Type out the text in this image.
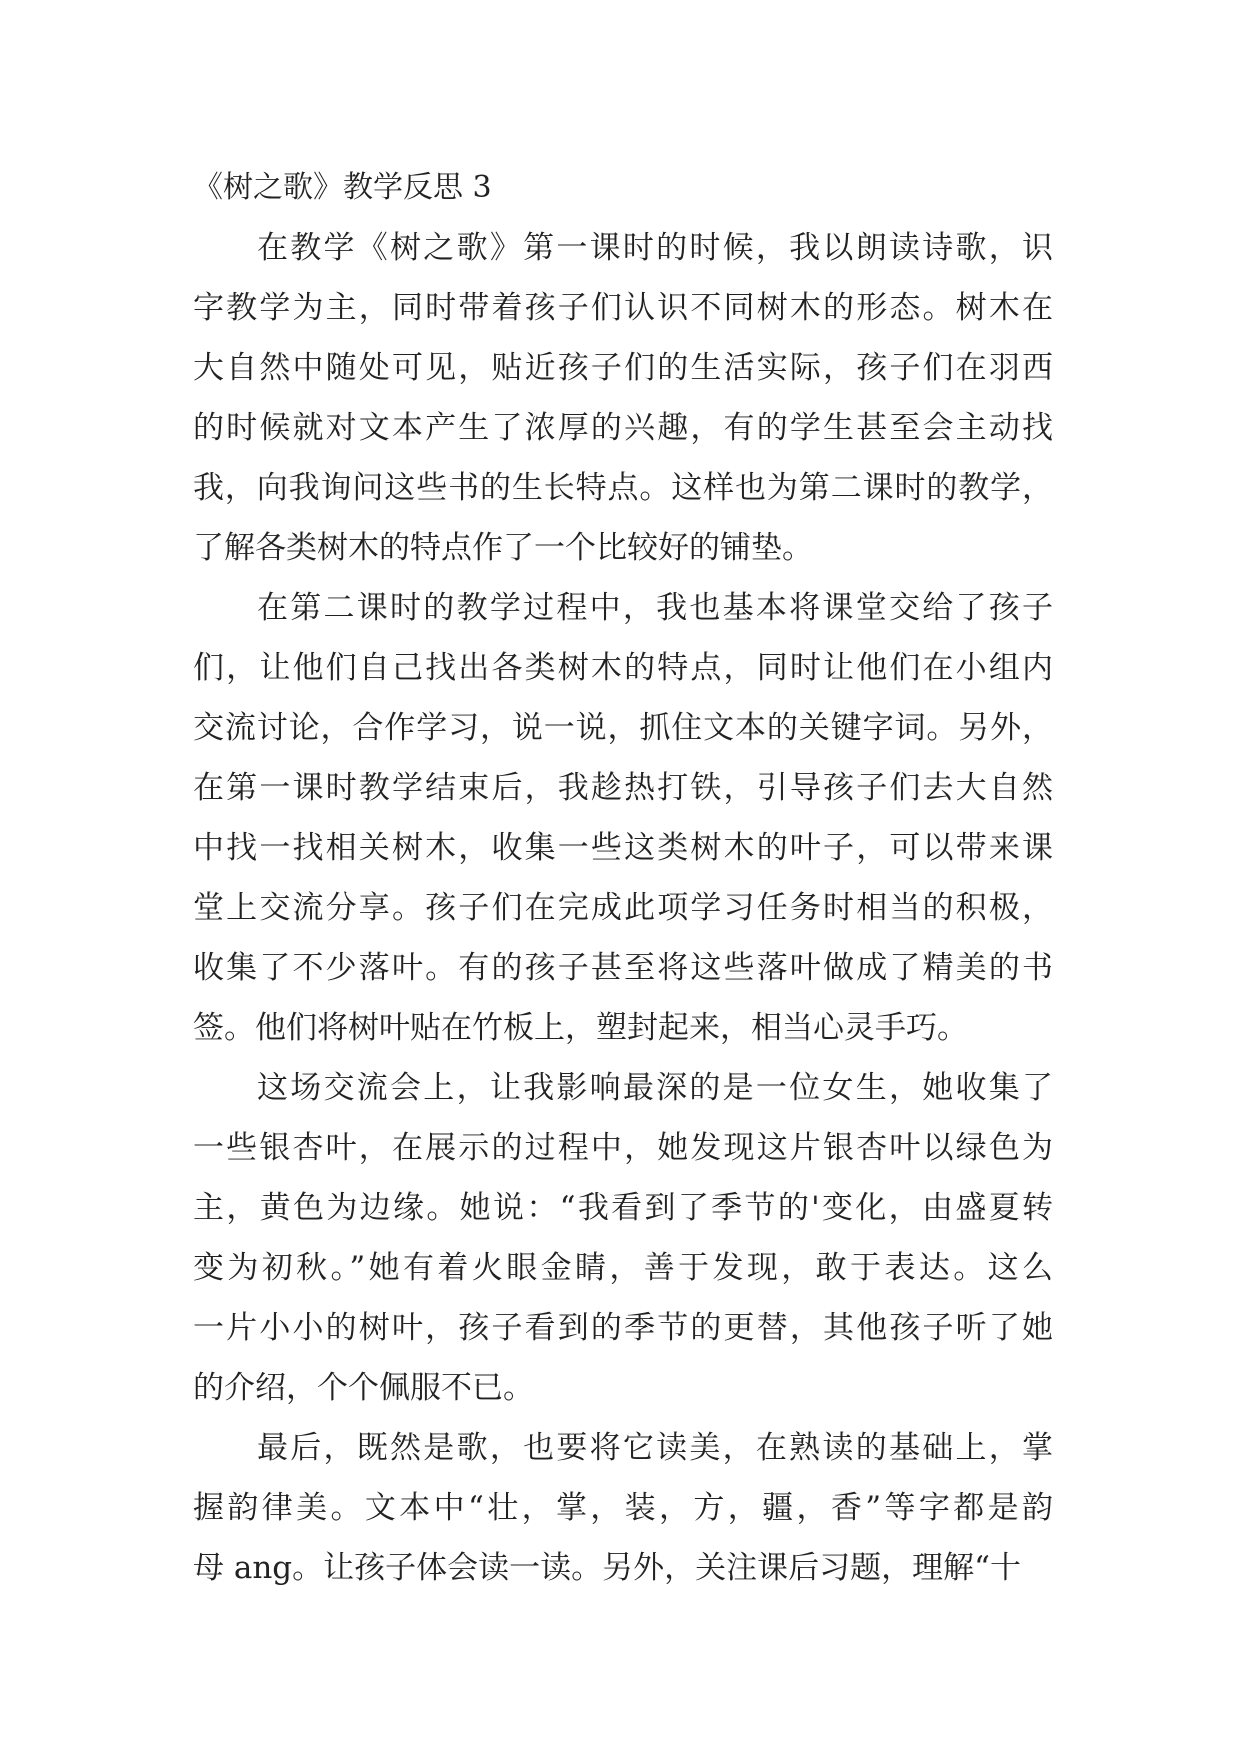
《树之歌》教学反思 3
在教学《树之歌》第一课时的时候，我以朗读诗歌，识
字教学为主，同时带着孩子们认识不同树木的形态。树木在
大自然中随处可见，贴近孩子们的生活实际，孩子们在羽西
的时候就对文本产生了浓厚的兴趣，有的学生甚至会主动找
我，向我询问这些书的生长特点。这样也为第二课时的教学，
了解各类树木的特点作了一个比较好的铺垫。
在第二课时的教学过程中，我也基本将课堂交给了孩子
们，让他们自己找出各类树木的特点，同时让他们在小组内
交流讨论，合作学习，说一说，抓住文本的关键字词。另外，
在第一课时教学结束后，我趁热打铁，引导孩子们去大自然
中找一找相关树木，收集一些这类树木的叶子，可以带来课
堂上交流分享。孩子们在完成此项学习任务时相当的积极，
收集了不少落叶。有的孩子甚至将这些落叶做成了精美的书
签。他们将树叶贴在竹板上，塑封起来，相当心灵手巧。
这场交流会上，让我影响最深的是一位女生，她收集了
一些银杏叶，在展示的过程中，她发现这片银杏叶以绿色为
主，黄色为边缘。她说：“我看到了季节的'变化，由盛夏转
变为初秋。”她有着火眼金睛，善于发现，敢于表达。这么
一片小小的树叶，孩子看到的季节的更替，其他孩子听了她
的介绍，个个佩服不已。
最后，既然是歌，也要将它读美，在熟读的基础上，掌
握韵律美。文本中“壮，掌，装，方，疆，香”等字都是韵
母 ang。让孩子体会读一读。另外，关注课后习题，理解“十
